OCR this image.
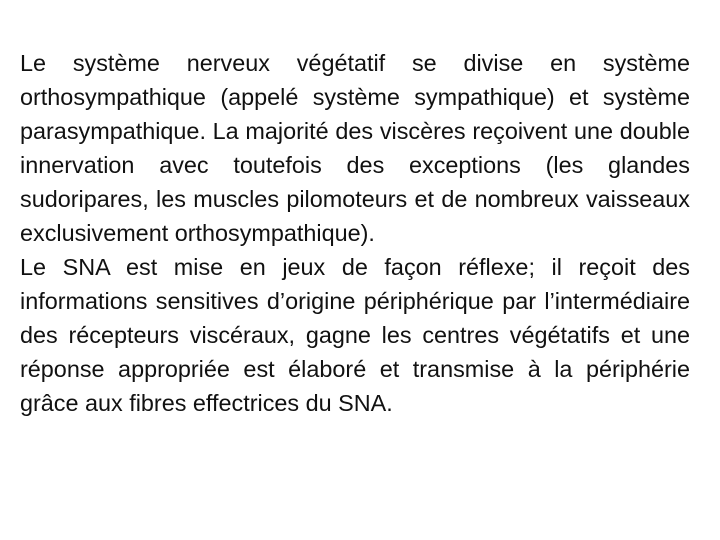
Le système nerveux végétatif se divise en système orthosympathique (appelé système sympathique) et système parasympathique. La majorité des viscères reçoivent une double innervation avec toutefois des exceptions (les glandes sudoripares, les muscles pilomoteurs et de nombreux vaisseaux exclusivement orthosympathique).

Le SNA est mise en jeux de façon réflexe; il reçoit des informations sensitives d’origine périphérique par l’intermédiaire des récepteurs viscéraux, gagne les centres végétatifs et une réponse appropriée est élaboré et transmise à la périphérie grâce aux fibres effectrices du SNA.
